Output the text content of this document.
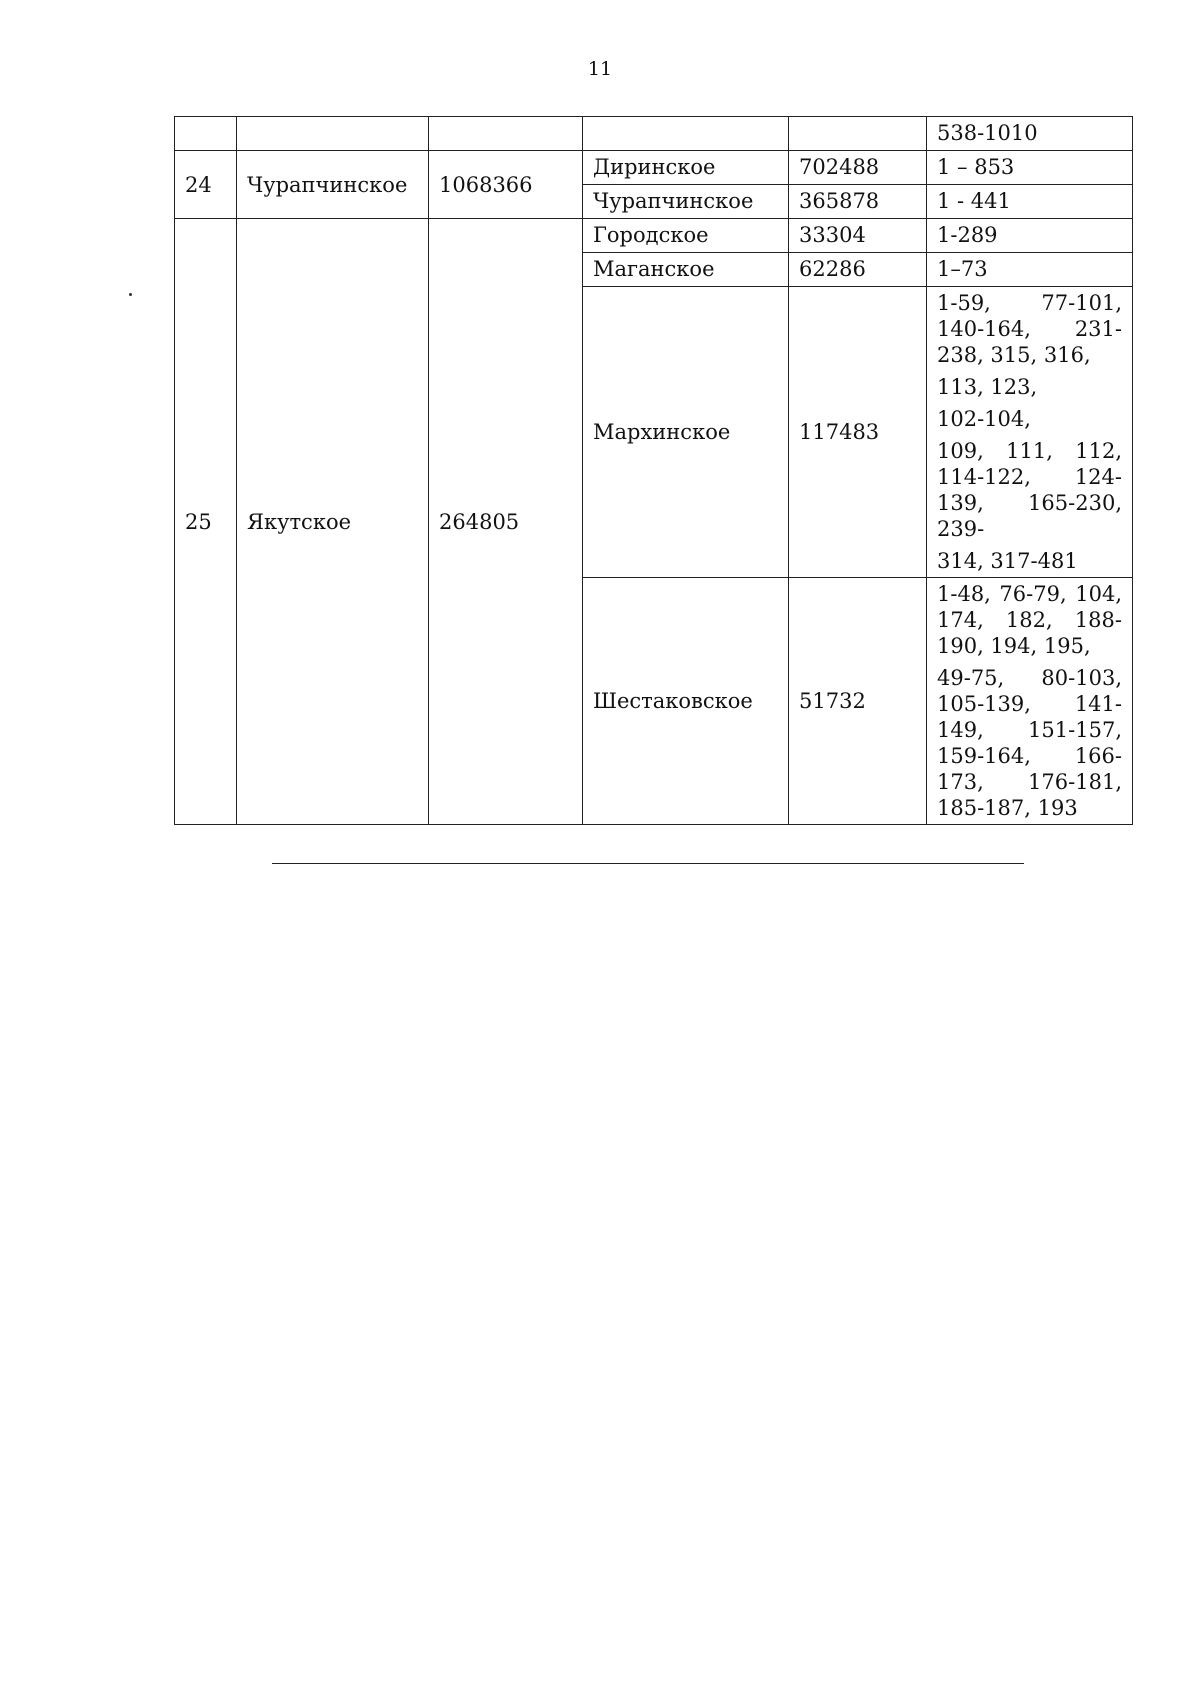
11
					538-1010
24	Чурапчинское	1068366	Диринское	702488	1 – 853
			Чурапчинское	365878	1 - 441
25	Якутское	264805	Городское	33304	1-289
			Маганское	62286	1–73
			Мархинское	117483	1-59, 77-101, 140-164, 231-238, 315, 316,
113, 123,
102-104,
109, 111, 112, 114-122, 124-139, 165-230, 239-
314, 317-481

			Шестаковское	51732	1-48, 76-79, 104, 174, 182, 188-190, 194, 195,
49-75, 80-103, 105-139, 141-149, 151-157, 159-164, 166-173, 176-181, 185-187, 193
